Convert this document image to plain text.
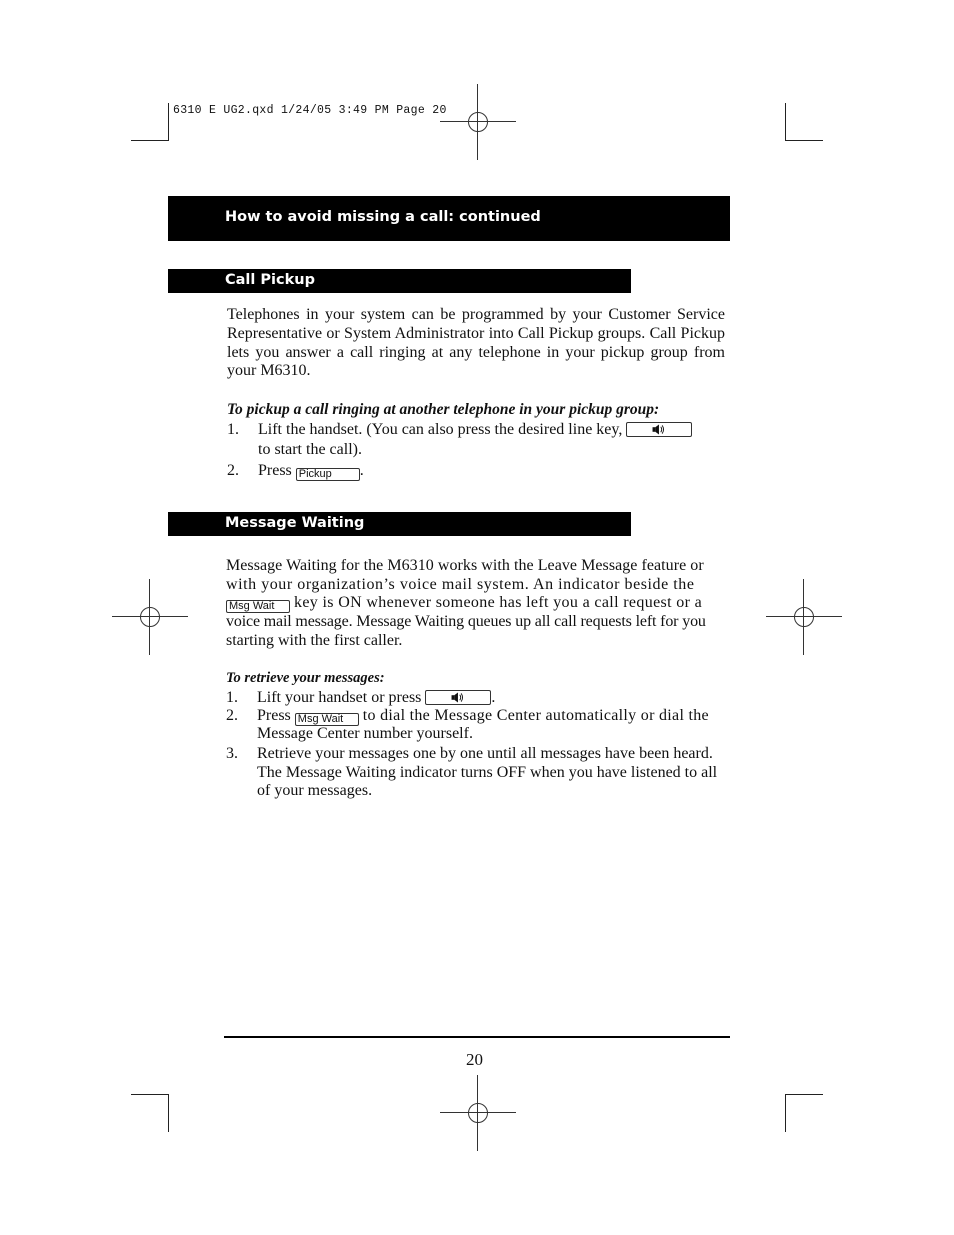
6310 E UG2.qxd 1/24/05 3:49 PM Page 20
How to avoid missing a call: continued
Call Pickup

Telephones in your system can be programmed by your Customer Service Representative or System Administrator into Call Pickup groups. Call Pickup lets you answer a call ringing at any telephone in your pickup group from your M6310.

To pickup a call ringing at another telephone in your pickup group:
1. Lift the handset. (You can also press the desired line key,
to start the call).
2. Press Pickup .
Message Waiting
Message Waiting for the M6310 works with the Leave Message feature or
with your organization’s voice mail system. An indicator beside the
Msg Wait key is ON whenever someone has left you a call request or a
voice mail message. Message Waiting queues up all call requests left for you
starting with the first caller.
To retrieve your messages:
1. Lift your handset or press	.
2. Press Msg Wait to dial the Message Center automatically or dial the
Message Center number yourself.
3. Retrieve your messages one by one until all messages have been heard.
The Message Waiting indicator turns OFF when you have listened to all
of your messages.
20
